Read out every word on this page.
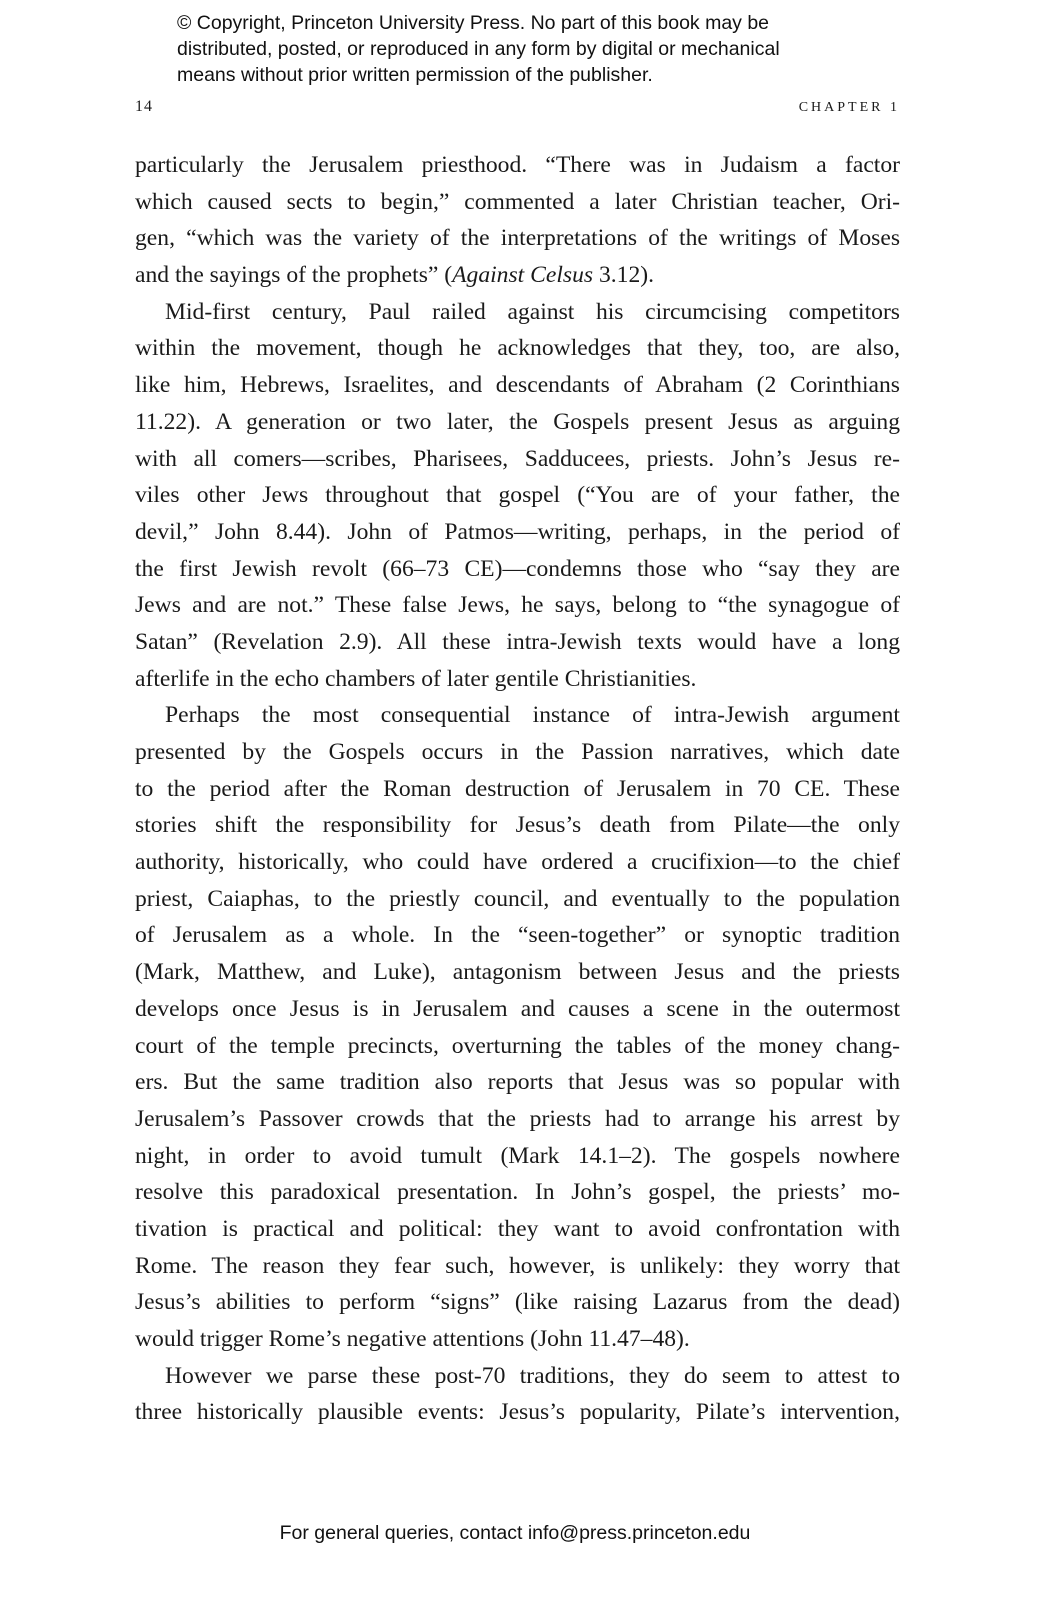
© Copyright, Princeton University Press. No part of this book may be
distributed, posted, or reproduced in any form by digital or mechanical
means without prior written permission of the publisher.
14	CHAPTER 1
particularly the Jerusalem priesthood. “There was in Judaism a factor
which caused sects to begin,” commented a later Christian teacher, Ori-
gen, “which was the variety of the interpretations of the writings of Moses
and the sayings of the prophets” (Against Celsus 3.12).
Mid-first century, Paul railed against his circumcising competitors
within the movement, though he acknowledges that they, too, are also,
like him, Hebrews, Israelites, and descendants of Abraham (2 Corinthians
11.22). A generation or two later, the Gospels present Jesus as arguing
with all comers—scribes, Pharisees, Sadducees, priests. John’s Jesus re-
viles other Jews throughout that gospel (“You are of your father, the
devil,” John 8.44). John of Patmos—writing, perhaps, in the period of
the first Jewish revolt (66–73 CE)—condemns those who “say they are
Jews and are not.” These false Jews, he says, belong to “the synagogue of
Satan” (Revelation 2.9). All these intra-Jewish texts would have a long
afterlife in the echo chambers of later gentile Christianities.
Perhaps the most consequential instance of intra-Jewish argument
presented by the Gospels occurs in the Passion narratives, which date
to the period after the Roman destruction of Jerusalem in 70 CE. These
stories shift the responsibility for Jesus’s death from Pilate—the only
authority, historically, who could have ordered a crucifixion—to the chief
priest, Caiaphas, to the priestly council, and eventually to the population
of Jerusalem as a whole. In the “seen-together” or synoptic tradition
(Mark, Matthew, and Luke), antagonism between Jesus and the priests
develops once Jesus is in Jerusalem and causes a scene in the outermost
court of the temple precincts, overturning the tables of the money chang-
ers. But the same tradition also reports that Jesus was so popular with
Jerusalem’s Passover crowds that the priests had to arrange his arrest by
night, in order to avoid tumult (Mark 14.1–2). The gospels nowhere
resolve this paradoxical presentation. In John’s gospel, the priests’ mo-
tivation is practical and political: they want to avoid confrontation with
Rome. The reason they fear such, however, is unlikely: they worry that
Jesus’s abilities to perform “signs” (like raising Lazarus from the dead)
would trigger Rome’s negative attentions (John 11.47–48).
However we parse these post-70 traditions, they do seem to attest to
three historically plausible events: Jesus’s popularity, Pilate’s intervention,
For general queries, contact info@press.princeton.edu
